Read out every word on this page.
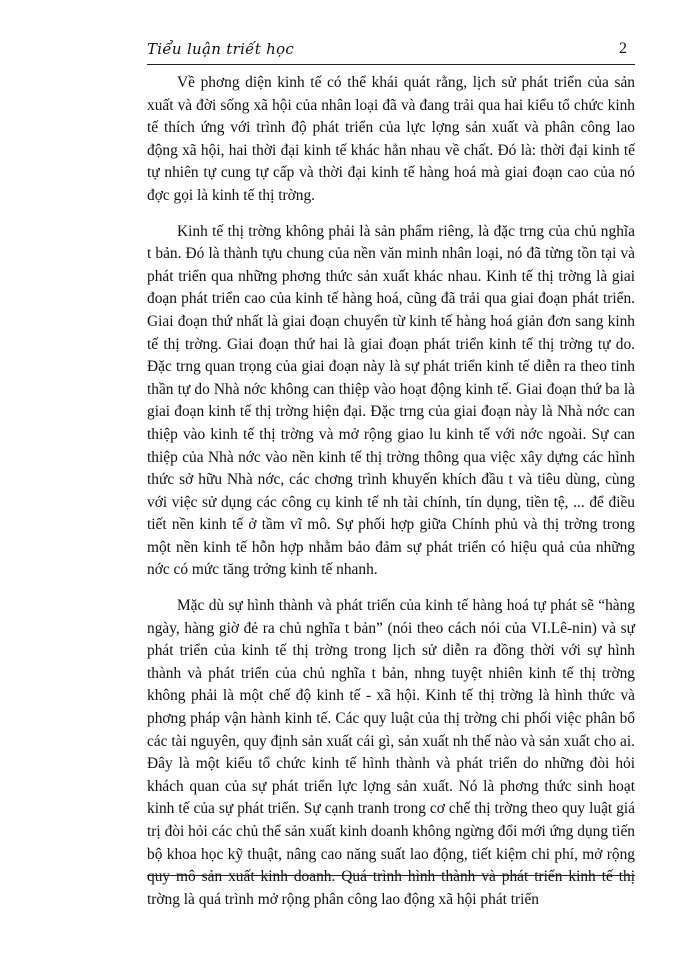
Tiểu luận triết học	2

Về phơng diện kinh tế có thể khái quát rằng, lịch sử phát triển của sản xuất và đời sống xã hội của nhân loại đã và đang trải qua hai kiểu tổ chức kinh tế thích ứng với trình độ phát triển của lực lợng sản xuất và phân công lao động xã hội, hai thời đại kinh tế khác hẳn nhau về chất. Đó là: thời đại kinh tế tự nhiên tự cung tự cấp và thời đại kinh tế hàng hoá mà giai đoạn cao của nó đợc gọi là kinh tế thị trờng.

Kinh tế thị trờng không phải là sản phẩm riêng, là đặc trng của chủ nghĩa t bản. Đó là thành tựu chung của nền văn minh nhân loại, nó đã từng tồn tại và phát triển qua những phơng thức sản xuất khác nhau. Kinh tế thị trờng là giai đoạn phát triển cao của kinh tế hàng hoá, cũng đã trải qua giai đoạn phát triển. Giai đoạn thứ nhất là giai đoạn chuyển từ kinh tế hàng hoá giản đơn sang kinh tế thị trờng. Giai đoạn thứ hai là giai đoạn phát triển kinh tế thị trờng tự do. Đặc trng quan trọng của giai đoạn này là sự phát triển kinh tế diễn ra theo tinh thần tự do Nhà nớc không can thiệp vào hoạt động kinh tế. Giai đoạn thứ ba là giai đoạn kinh tế thị trờng hiện đại. Đặc trng của giai đoạn này là Nhà nớc can thiệp vào kinh tế thị trờng và mở rộng giao lu kinh tế với nớc ngoài. Sự can thiệp của Nhà nớc vào nền kinh tế thị trờng thông qua việc xây dựng các hình thức sở hữu Nhà nớc, các chơng trình khuyến khích đầu t và tiêu dùng, cùng với việc sử dụng các công cụ kinh tế nh tài chính, tín dụng, tiền tệ, ... để điều tiết nền kinh tế ở tầm vĩ mô. Sự phối hợp giữa Chính phủ và thị trờng trong một nền kinh tế hỗn hợp nhằm bảo đảm sự phát triển có hiệu quả của những nớc có mức tăng trởng kinh tế nhanh.

Mặc dù sự hình thành và phát triển của kinh tế hàng hoá tự phát sẽ “hàng ngày, hàng giờ đẻ ra chủ nghĩa t bản” (nói theo cách nói của VI.Lê-nin) và sự phát triển của kinh tế thị trờng trong lịch sử diễn ra đồng thời với sự hình thành và phát triển của chủ nghĩa t bản, nhng tuyệt nhiên kinh tế thị trờng không phải là một chế độ kinh tế - xã hội. Kinh tế thị trờng là hình thức và phơng pháp vận hành kinh tế. Các quy luật của thị trờng chi phối việc phân bổ các tài nguyên, quy định sản xuất cái gì, sản xuất nh thế nào và sản xuất cho ai. Đây là một kiểu tổ chức kinh tế hình thành và phát triển do những đòi hỏi khách quan của sự phát triển lực lợng sản xuất. Nó là phơng thức sinh hoạt kinh tế của sự phát triển. Sự cạnh tranh trong cơ chế thị trờng theo quy luật giá trị đòi hỏi các chủ thể sản xuất kinh doanh không ngừng đổi mới ứng dụng tiến bộ khoa học kỹ thuật, nâng cao năng suất lao động, tiết kiệm chi phí, mở rộng quy mô sản xuất kinh doanh. Quá trình hình thành và phát triển kinh tế thị trờng là quá trình mở rộng phân công lao động xã hội phát triển
